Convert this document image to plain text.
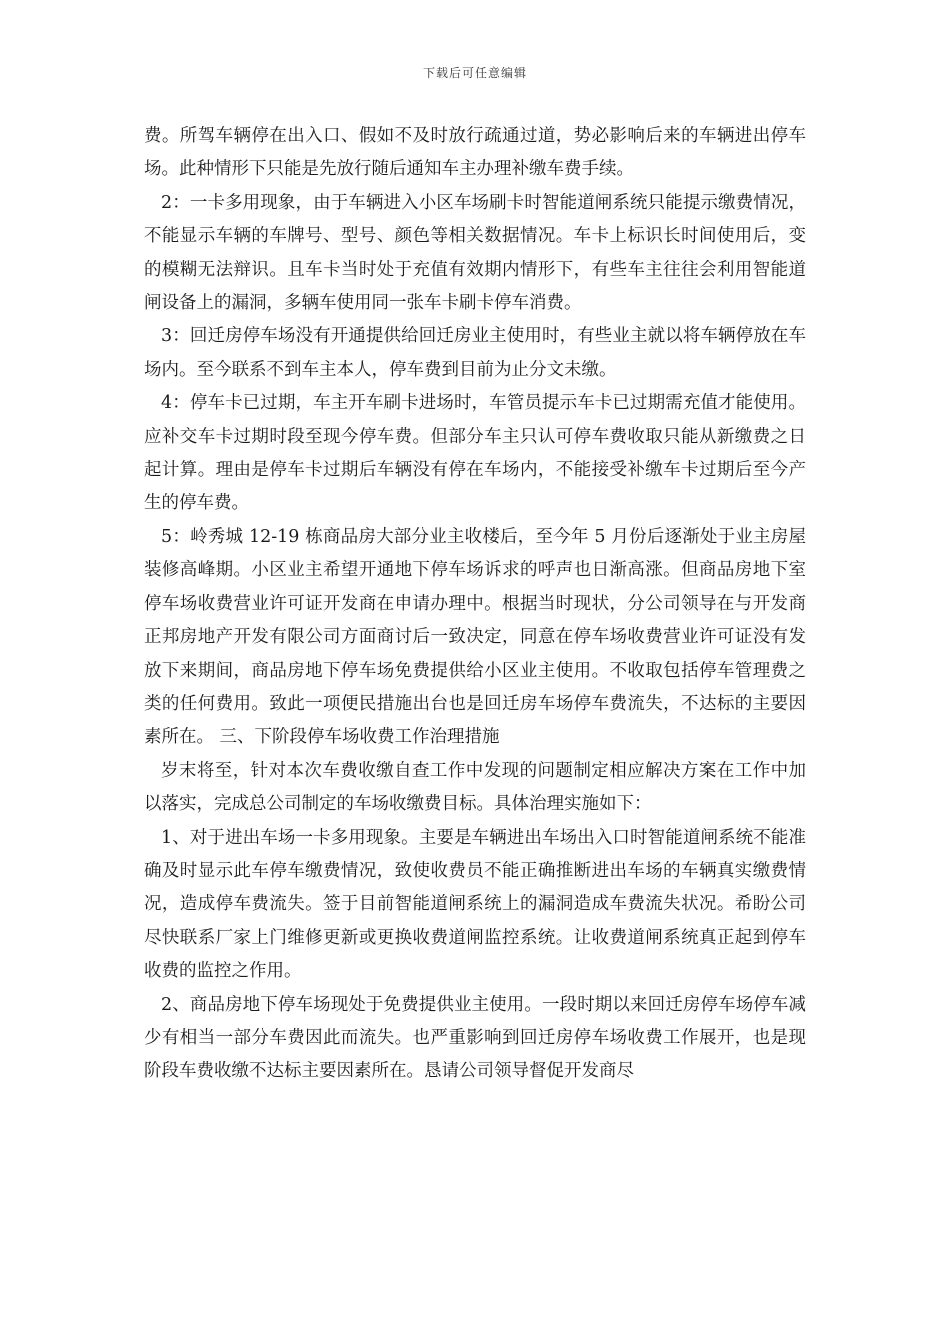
下载后可任意编辑

费。所驾车辆停在出入口、假如不及时放行疏通过道，势必影响后来的车辆进出停车场。此种情形下只能是先放行随后通知车主办理补缴车费手续。

2：一卡多用现象，由于车辆进入小区车场刷卡时智能道闸系统只能提示缴费情况，不能显示车辆的车牌号、型号、颜色等相关数据情况。车卡上标识长时间使用后，变的模糊无法辩识。且车卡当时处于充值有效期内情形下，有些车主往往会利用智能道闸设备上的漏洞，多辆车使用同一张车卡刷卡停车消费。

3：回迁房停车场没有开通提供给回迁房业主使用时，有些业主就以将车辆停放在车场内。至今联系不到车主本人，停车费到目前为止分文未缴。

4：停车卡已过期，车主开车刷卡进场时，车管员提示车卡已过期需充值才能使用。应补交车卡过期时段至现今停车费。但部分车主只认可停车费收取只能从新缴费之日起计算。理由是停车卡过期后车辆没有停在车场内，不能接受补缴车卡过期后至今产生的停车费。

5：岭秀城 12-19 栋商品房大部分业主收楼后，至今年 5 月份后逐渐处于业主房屋装修高峰期。小区业主希望开通地下停车场诉求的呼声也日渐高涨。但商品房地下室停车场收费营业许可证开发商在申请办理中。根据当时现状，分公司领导在与开发商正邦房地产开发有限公司方面商讨后一致决定，同意在停车场收费营业许可证没有发放下来期间，商品房地下停车场免费提供给小区业主使用。不收取包括停车管理费之类的任何费用。致此一项便民措施出台也是回迁房车场停车费流失，不达标的主要因素所在。 三、下阶段停车场收费工作治理措施

岁末将至，针对本次车费收缴自查工作中发现的问题制定相应解决方案在工作中加以落实，完成总公司制定的车场收缴费目标。具体治理实施如下：

1、对于进出车场一卡多用现象。主要是车辆进出车场出入口时智能道闸系统不能准确及时显示此车停车缴费情况，致使收费员不能正确推断进出车场的车辆真实缴费情况，造成停车费流失。签于目前智能道闸系统上的漏洞造成车费流失状况。希盼公司尽快联系厂家上门维修更新或更换收费道闸监控系统。让收费道闸系统真正起到停车收费的监控之作用。

2、商品房地下停车场现处于免费提供业主使用。一段时期以来回迁房停车场停车减少有相当一部分车费因此而流失。也严重影响到回迁房停车场收费工作展开，也是现阶段车费收缴不达标主要因素所在。恳请公司领导督促开发商尽
